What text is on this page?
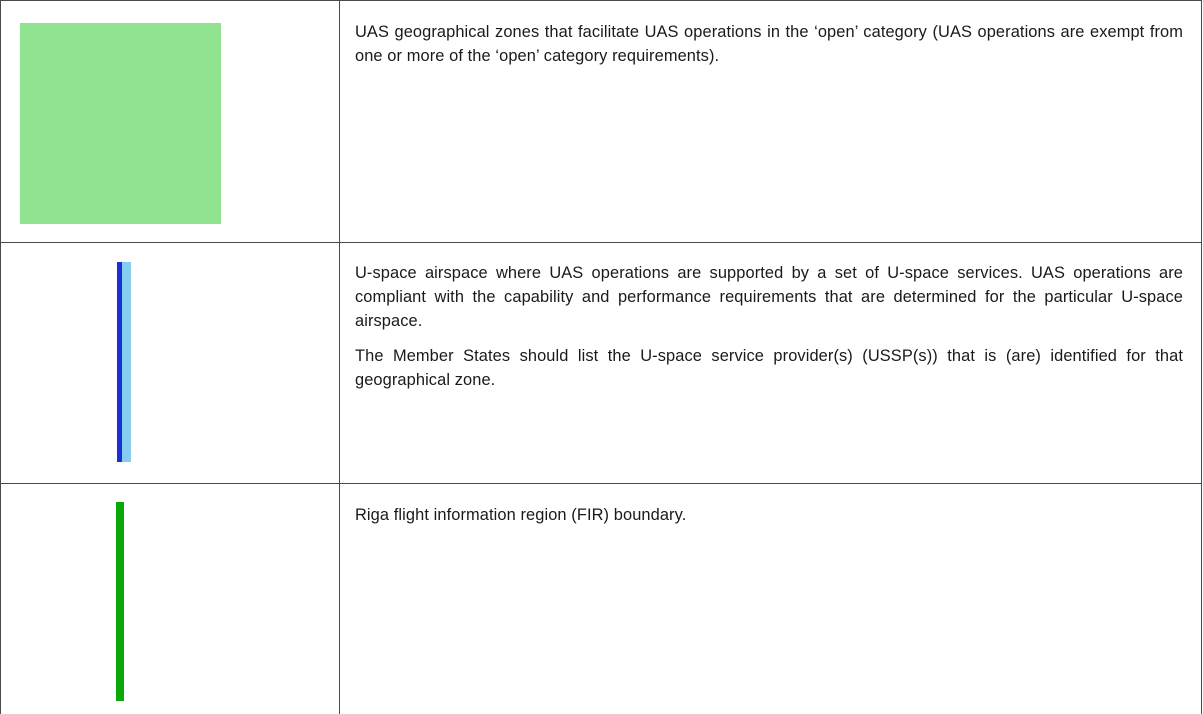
UAS geographical zones that facilitate UAS operations in the ‘open’ category (UAS operations are exempt from one or more of the ‘open’ category requirements).

U-space airspace where UAS operations are supported by a set of U-space services. UAS operations are compliant with the capability and performance requirements that are determined for the particular U-space airspace.

The Member States should list the U-space service provider(s) (USSP(s)) that is (are) identified for that geographical zone.

Riga flight information region (FIR) boundary.
